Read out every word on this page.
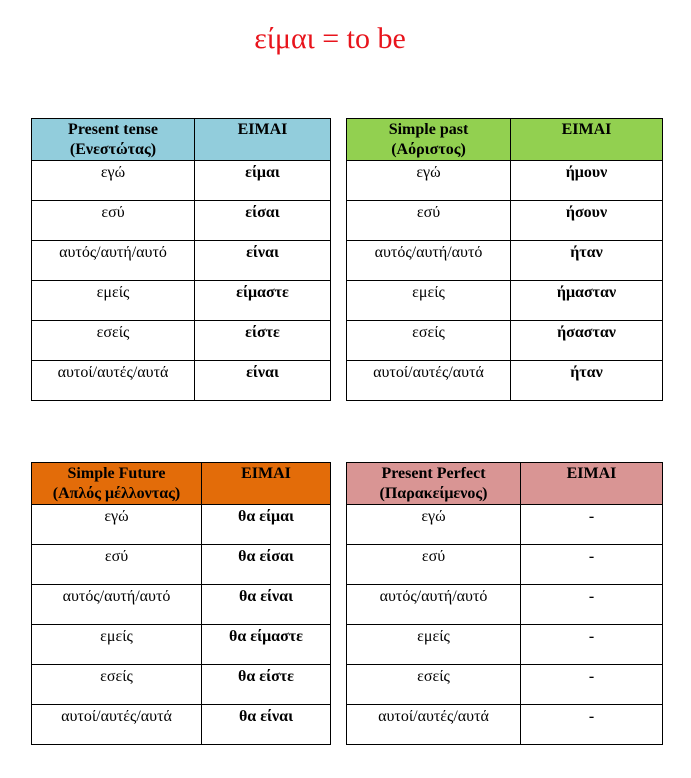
είμαι = to be
Present tense
(Ενεστώτας)	ΕΙΜΑΙ
εγώ	είμαι
εσύ	είσαι
αυτός/αυτή/αυτό	είναι
εμείς	είμαστε
εσείς	είστε
αυτοί/αυτές/αυτά	είναι
Simple past
(Αόριστος)	ΕΙΜΑΙ
εγώ	ήμουν
εσύ	ήσουν
αυτός/αυτή/αυτό	ήταν
εμείς	ήμασταν
εσείς	ήσασταν
αυτοί/αυτές/αυτά	ήταν
Simple Future
(Απλός μέλλοντας)	ΕΙΜΑΙ
εγώ	θα είμαι
εσύ	θα είσαι
αυτός/αυτή/αυτό	θα είναι
εμείς	θα είμαστε
εσείς	θα είστε
αυτοί/αυτές/αυτά	θα είναι
Present Perfect
(Παρακείμενος)	ΕΙΜΑΙ
εγώ	-
εσύ	-
αυτός/αυτή/αυτό	-
εμείς	-
εσείς	-
αυτοί/αυτές/αυτά	-
